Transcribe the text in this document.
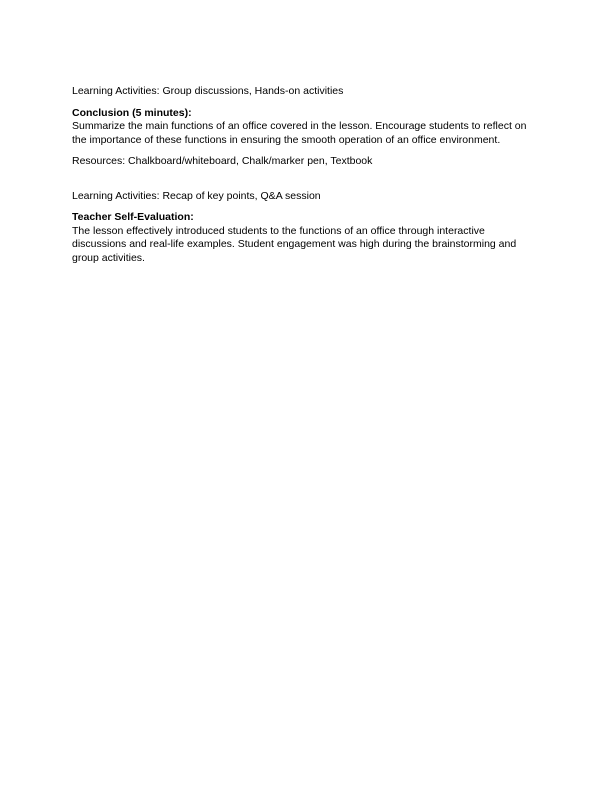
Learning Activities: Group discussions, Hands-on activities

Conclusion (5 minutes):

Summarize the main functions of an office covered in the lesson. Encourage students to reflect on the importance of these functions in ensuring the smooth operation of an office environment.

Resources: Chalkboard/whiteboard, Chalk/marker pen, Textbook

Learning Activities: Recap of key points, Q&A session

Teacher Self-Evaluation:

The lesson effectively introduced students to the functions of an office through interactive discussions and real-life examples. Student engagement was high during the brainstorming and group activities.
